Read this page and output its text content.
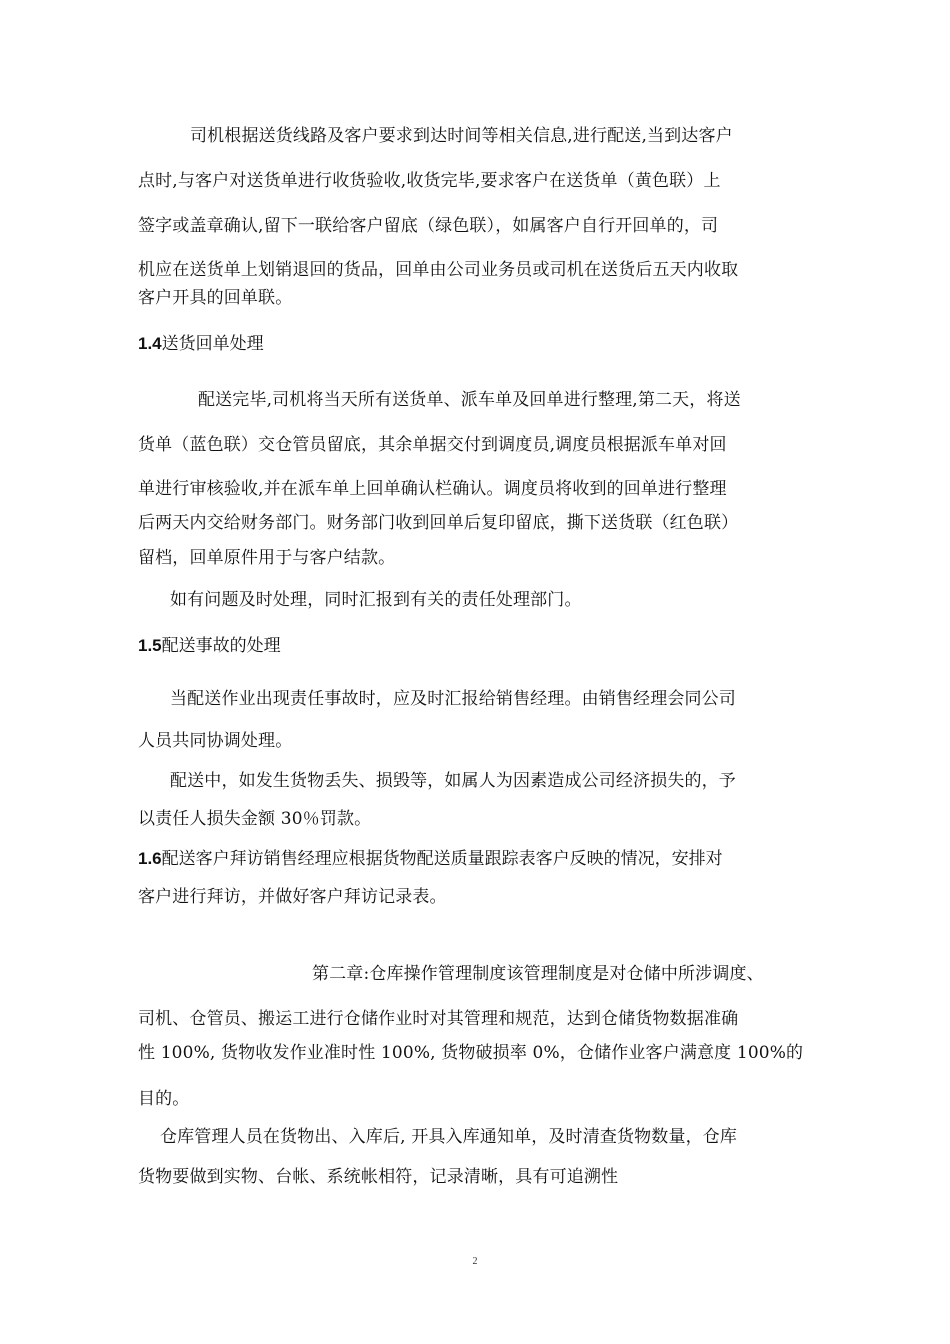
司机根据送货线路及客户要求到达时间等相关信息,进行配送,当到达客户
点时,与客户对送货单进行收货验收,收货完毕,要求客户在送货单（黄色联）上
签字或盖章确认,留下一联给客户留底（绿色联），如属客户自行开回单的，司
机应在送货单上划销退回的货品，回单由公司业务员或司机在送货后五天内收取
客户开具的回单联。
1.4送货回单处理
配送完毕,司机将当天所有送货单、派车单及回单进行整理,第二天，将送
货单（蓝色联）交仓管员留底，其余单据交付到调度员,调度员根据派车单对回
单进行审核验收,并在派车单上回单确认栏确认。调度员将收到的回单进行整理
后两天内交给财务部门。财务部门收到回单后复印留底，撕下送货联（红色联）
留档，回单原件用于与客户结款。
如有问题及时处理，同时汇报到有关的责任处理部门。
1.5配送事故的处理
当配送作业出现责任事故时，应及时汇报给销售经理。由销售经理会同公司
人员共同协调处理。
配送中，如发生货物丢失、损毁等，如属人为因素造成公司经济损失的，予
以责任人损失金额 30％罚款。
1.6配送客户拜访销售经理应根据货物配送质量跟踪表客户反映的情况，安排对
客户进行拜访，并做好客户拜访记录表。
第二章:仓库操作管理制度该管理制度是对仓储中所涉调度、
司机、仓管员、搬运工进行仓储作业时对其管理和规范，达到仓储货物数据准确
性 100%, 货物收发作业准时性 100%, 货物破损率 0%，仓储作业客户满意度 100%的
目的。
仓库管理人员在货物出、入库后, 开具入库通知单，及时清查货物数量，仓库
货物要做到实物、台帐、系统帐相符，记录清晰，具有可追溯性
2
